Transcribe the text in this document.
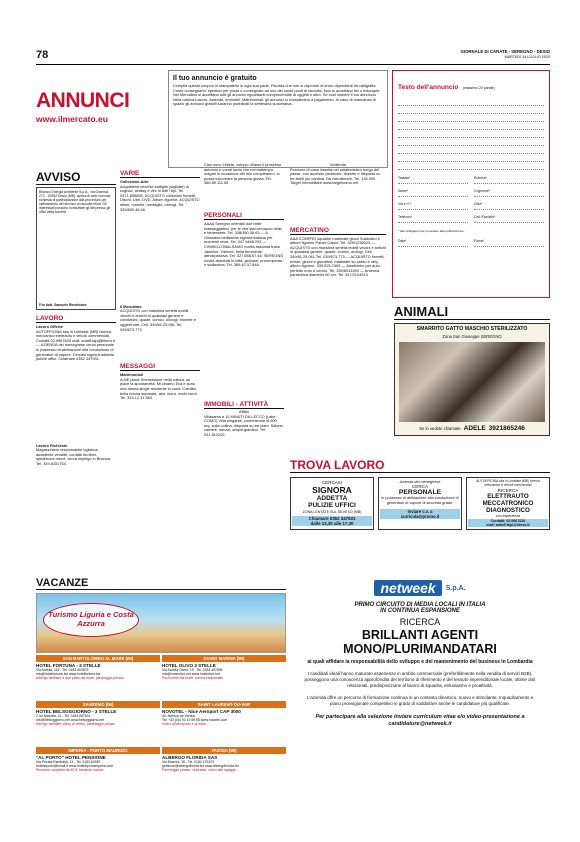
78	GIORNALE DI CARATE - SEREGNO - DESIO
MARTEDÌ 14 LUGLIO 2020
ANNUNCI
www.ilmercato.eu
Il tuo annuncio è gratuito
Compila questo coupon in stampatello in ogni sua parte. Ricorda che non si risponde di errori dipendenti da calligrafia. Come consegnarlo: spedisci per posta o consegnalo ad uno dei nostri punti di raccolta. Non si accettano fax o fotocopie. Nel Mercatino si accettano tutti gli annunci riguardanti compravendite di oggetti e altro. Se vuoi inserire il tuo annuncio nella rubrica Lavoro, Aziende, Immobili, Matrimoniali, gli annunci si considerano a pagamento. In caso di mancanza di spazio gli annunci gratuiti saranno pubblicati la settimana successiva.
Testo dell'annuncio (massimo 20 parole)
Testata*	Rubrica*
Nome*	Cognome*
Via e n°*	Città*
Telefono*	Cell./Fax/altri*
* dati obbligatori per procedere alla pubblicazione.
Data*	Firma*
AVVISO
Brianza Energia Ambiente S.p.A., via Gramsci, 272 - 20832 Desio (MB), avvisa di aver ricevuto richiesta di partecipazione alla procedura per l'affidamento del servizio di raccolta rifiuti. Gli interessati possono consultare gli atti presso gli uffici della società.
F.to dott. Samuele Ronchione
LAVORO
Lavoro Offerte
AUTOFFICINA sita in Limbiate (MB) ricerca meccanico elettrauto e veicoli commerciali. Contatti 02.9967620 mail: autoff.tapl@libero.it — AZIENDA del meneghese cerca personale in possesso di abilitazione alla conduzione di generatori di vapore. Cercasi signora addetta pulizie uffici. Chiamare 0362 347931.
Lavoro Richieste
Magazziniere responsabile logistica, assistente vendite, contatti fornitori, spedizione merci, cerca impiego in Brianza. Tel. 349.8151764.
VARIE
Collezione-Arte
Acquisterei vecchie bottiglie (sigillate) di cognac, whisky e vini di tutti i tipi. Tel. 0371.858655. ACQUISTO collezioni fumetti, Dischi, Libri, DVD, Album figurine. ACQUISTO stime, monete, medaglie, orologi. Tel. 339/800.46.46
Il Mercatino
ACQUISTO con massima serietà mobili vecchi e antichi di qualsiasi genere e condizioni, quadri, cornici, orologi, monete e oggetti vari. Cell. 349/61.25.061 Tel. 039/673.773
MESSAGGI
Matrimoniali
A ME piace l'immersione nella natura, mi piace la spontaneità. Mi chiamo Eva e sono una donna single residente in zona. Camilla, bella donna separata, alta, mora, occhi verdi. Tel. 333.12.31.563
Ciao sono Letizia, compio 40anni il prossimo autunno e vorrei tanto che nel frattempo, magari in occasione del mio compleanno, io possa incontrare la persona giusta. Tel. 366.89.111.55
PERSONALI
AAAA Seregno orientali due belle massaggiatrici, per te che stai cercando relax e benessere. Tel. 338/350.36.63 — A Giussano bellissima signora italiana per momenti relax. Tel. 347.9468.293 — CINISELLOBALSAMO novità assoluta trans Jasmine, 24enne, bella femminile, attiva/passiva. Tel. 327.658.67.44. SEREGNO novità assoluta in città, giovane, prorompente e sodissima. Tel. 389.42.37.848.
IMMOBILI - ATTIVITÀ
Affitto
Villasanta a 10 MINUTI DA LECCO (Lake COMO) Villa elegante, confortevole di 600 mq, sulla collina, disposta su tre piani. Salone, camere, servizi, ampio giardino. Tel. 031.812202.
Moltiedia
Porzione di casa inserita nel caratteristico borgo del paese, con accesso pedonale, finestre e disposta su tre livelli più cantina. Da ristrutturare. Tel. 140.000. Target Immobiliare www.targetcomo.net
MERCATINO
AAA COMPRO squadre materiale gioco Subbuteo e album figurine Panini Calcio. Tel. 329/1236023 — ACQUISTO con massima serietà mobili vecchi e antichi di qualsiasi genere, quadri, cornici, orologi. Cell. 349/61.25.061 Tel. 039/673.773 — ACQUISTO fumetti, riviste, giochi e giocattoli, materiale su calcio e rally, album figurine. 339.525.7463 — Alzabimbo per auto, perfetto euro 6 vendo. Tel. 339/6913394 — Antenna parabolica diametro 80 cm. Tel. 347/2104913
ANIMALI
SMARRITO GATTO MASCHIO STERILIZZATO
Zona San Giuseppe SEREGNO
Se lo vedete chiamate ADELE 3921865246
TROVA LAVORO
CERCASI
SIGNORA
ADDETTA
PULIZIE UFFICI
ZONA LENTATE SUL SEVESO (MB)
Chiamare 0362 347931
dalle 13,30 alle 17,30
Azienda del meneghese
CERCA
PERSONALE
in possesso di abilitazione alla conduzione di generatori di vapore di secondo grado.
Inviare c.v. a
curricula@promo.it
AUTOFFICINA sita in Limbiate (MB) ricerca meccanico e veicoli commerciali
RICERCA
ELETTRAUTO
MECCATRONICO
DIAGNOSTICO
con esperienza
Contatti: 02.9967620
mail: autoff.tapl@libero.it
VACANZE
Turismo Liguria e Costa Azzurra
SAN BARTOLOMEO AL MARE (IM)
HOTEL FORTUNA - 3 STELLE
Via Aurelia, 116 - Tel. 0183.400875
info@hotelfortuna.biz www.hotelfortuna.biz
Albergo familiare a due passi dal mare, parcheggio privato.
DIANO MARINA (IM)
HOTEL OLIVO 3 STELLE
Via Aurelia Ovest, 19 - Tel. 0183 497896
info@hotelolivo.net www.hotelolivo.net
Pochi metri dal mare, cucina tradizionale.
SANREMO (IM)
HOTEL BELSOGGIORNO - 3 STELLE
C.so Matuzia, 41 - Tel. 0184 667631
info@belsoggiorno.net www.belsoggiorno.net
Albergo familiare vicino al centro, parcheggio privato.
SAINT LAURENT-DU-VAR
NOVOTEL - Nice Aeroport CAP 3000
40, Avenue de Verdun
Tel. +33 (0)4 93 19 55 55 www.novotel.com
Vicino all'aeroporto e al mare.
IMPERIA - PORTO MAURIZIO
"AL PORTO" HOTEL PENSIONE
Via Privata Rambaldi, 13 - Tel. 0183.64987
hotelalporto@email.it www.hotelalportoimperia.com
Pensione completa da 60 €, bevande incluse.
TAGGIA (IM)
ALBERGO FLORIDA SAS
Via Mazzini, 38 - Tel. 0184 475323
gestione@albergoflorida.biz www.albergoflorida.biz
Parcheggio privato, ristorante, vicino alle spiagge.
netweek	S.p.A.
PRIMO CIRCUITO DI MEDIA LOCALI IN ITALIA
IN CONTINUA ESPANSIONE
RICERCA
BRILLANTI AGENTI
MONO/PLURIMANDATARI
ai quali affidare la responsabilità dello sviluppo e del mantenimento del business in Lombardia
I candidati ideali hanno maturato esperienze in ambito commerciale (preferibilmente nella vendita di servizi B2B), posseggono una conoscenza approfondita del territorio di riferimento e del tessuto imprenditoriale locale, ottime doti relazionali, predisposizione al lavoro di squadra, entusiasmo e proattività.
L'azienda offre un percorso di formazione continua in un contesto dinamico, nuovo e stimolante. Inquadramento e piano provvigionale competitivo in grado di soddisfare anche le candidature più qualificate.
Per partecipare alla selezione inviare curriculum vitae e/o video-presentazione a candidature@netweek.it
